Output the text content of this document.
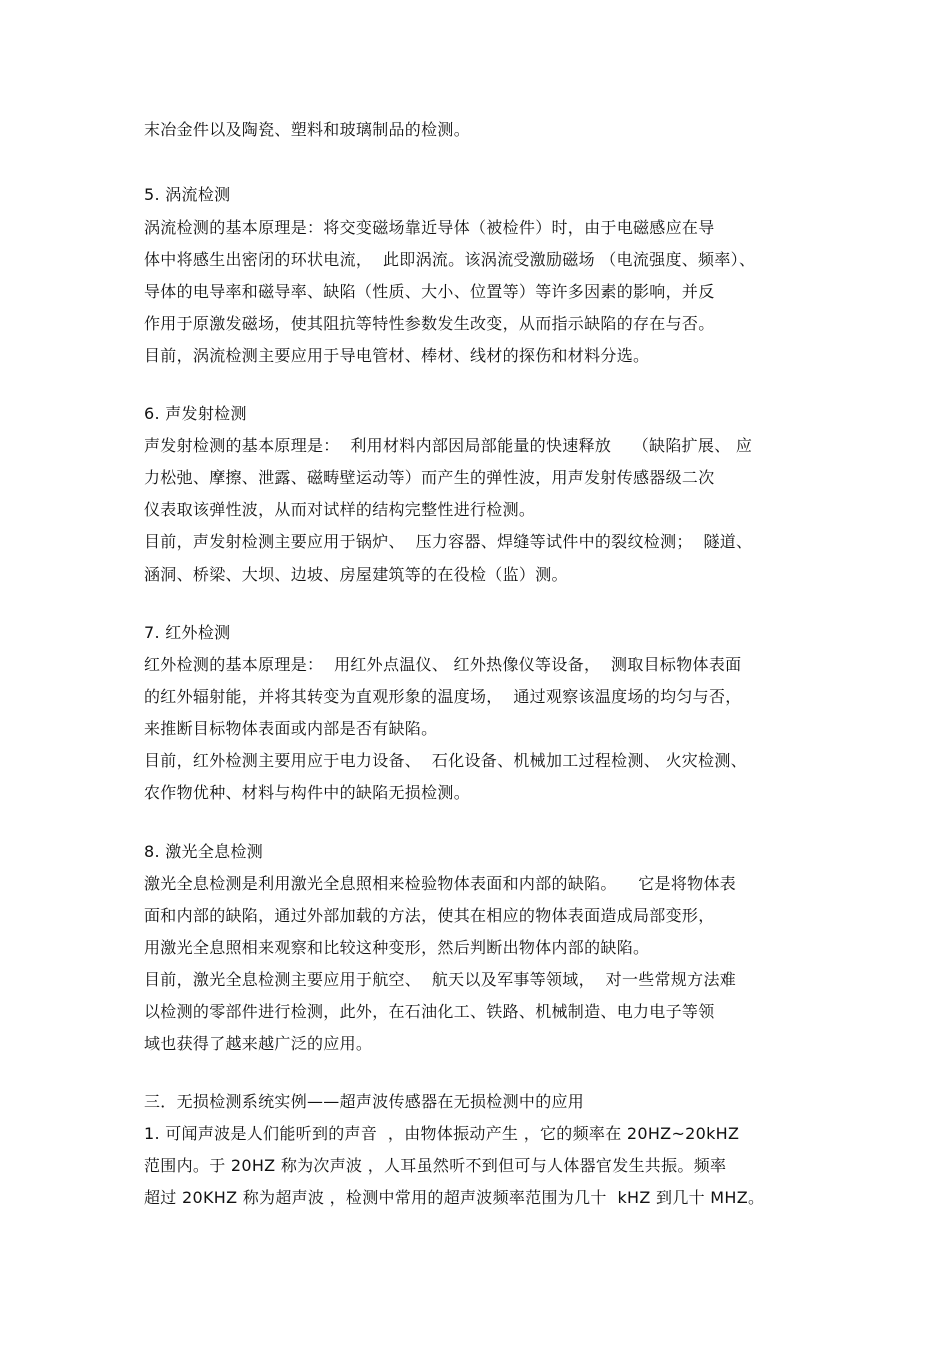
末冶金件以及陶瓷、塑料和玻璃制品的检测。
5. 涡流检测
涡流检测的基本原理是：将交变磁场靠近导体（被检件）时，由于电磁感应在导
体中将感生出密闭的环状电流，  此即涡流。该涡流受激励磁场 （电流强度、频率）、
导体的电导率和磁导率、缺陷（性质、大小、位置等）等许多因素的影响，并反
作用于原激发磁场，使其阻抗等特性参数发生改变，从而指示缺陷的存在与否。
目前，涡流检测主要应用于导电管材、棒材、线材的探伤和材料分选。
6. 声发射检测
声发射检测的基本原理是：  利用材料内部因局部能量的快速释放    （缺陷扩展、 应
力松弛、摩擦、泄露、磁畴壁运动等）而产生的弹性波，用声发射传感器级二次
仪表取该弹性波，从而对试样的结构完整性进行检测。
目前，声发射检测主要应用于锅炉、  压力容器、焊缝等试件中的裂纹检测；  隧道、
涵洞、桥梁、大坝、边坡、房屋建筑等的在役检（监）测。
7. 红外检测
红外检测的基本原理是：  用红外点温仪、 红外热像仪等设备，  测取目标物体表面
的红外辐射能，并将其转变为直观形象的温度场，  通过观察该温度场的均匀与否，
来推断目标物体表面或内部是否有缺陷。
目前，红外检测主要用应于电力设备、  石化设备、机械加工过程检测、 火灾检测、
农作物优种、材料与构件中的缺陷无损检测。
8. 激光全息检测
激光全息检测是利用激光全息照相来检验物体表面和内部的缺陷。    它是将物体表
面和内部的缺陷，通过外部加载的方法，使其在相应的物体表面造成局部变形，
用激光全息照相来观察和比较这种变形，然后判断出物体内部的缺陷。
目前，激光全息检测主要应用于航空、  航天以及军事等领域，  对一些常规方法难
以检测的零部件进行检测，此外，在石油化工、铁路、机械制造、电力电子等领
域也获得了越来越广泛的应用。
三．无损检测系统实例——超声波传感器在无损检测中的应用
1. 可闻声波是人们能听到的声音  ，由物体振动产生 ，它的频率在 20HZ~20kHZ
范围内。于 20HZ 称为次声波 ，人耳虽然听不到但可与人体器官发生共振。频率
超过 20KHZ 称为超声波 ，检测中常用的超声波频率范围为几十  kHZ 到几十 MHZ。
